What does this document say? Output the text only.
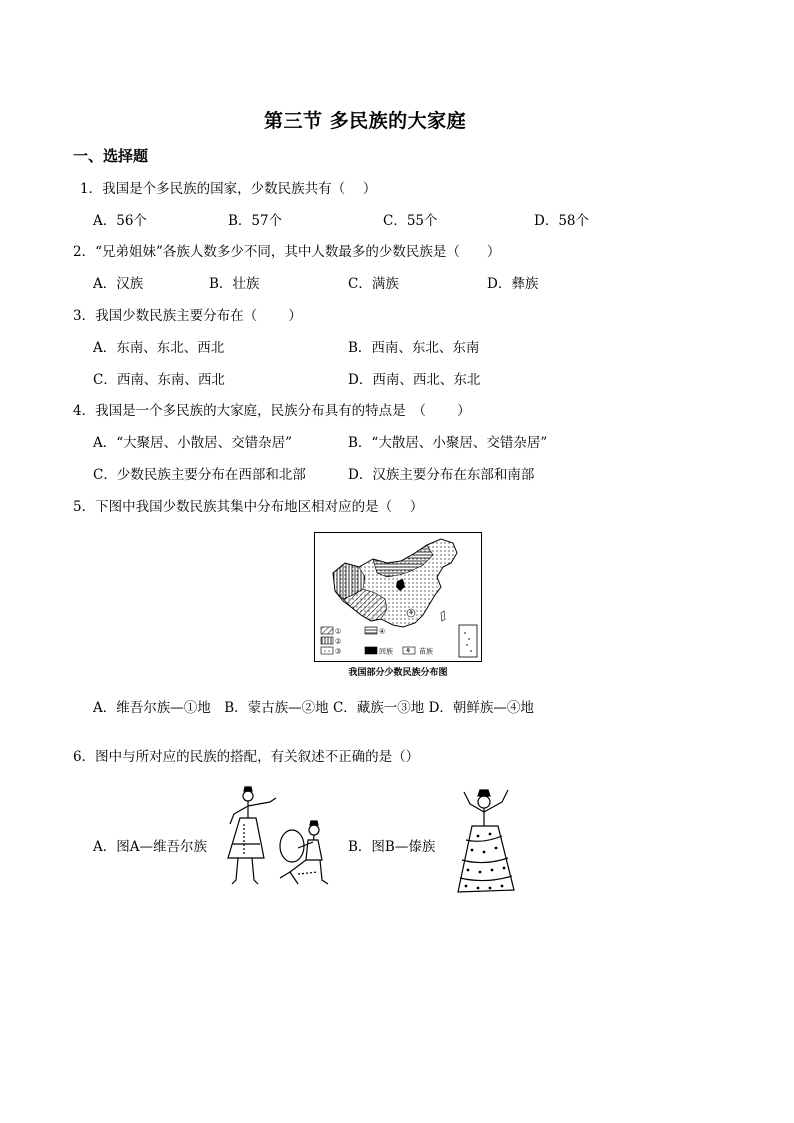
第三节 多民族的大家庭
一、选择题
1．我国是个多民族的国家，少数民族共有（　 ）
A．56个	B．57个	C．55个	D．58个
2．“兄弟姐妹”各族人数多少不同，其中人数最多的少数民族是（　　）
A．汉族	B．壮族	C．满族	D．彝族
3．我国少数民族主要分布在（　　 ）
A．东南、东北、西北	B．西南、东北、东南
C．西南、东南、西北	D．西南、西北、东北
4．我国是一个多民族的大家庭，民族分布具有的特点是　（　　 ）
A．“大聚居、小散居、交错杂居”	B．“大散居、小聚居、交错杂居”
C．少数民族主要分布在西部和北部	D．汉族主要分布在东部和南部
5．下图中我国少数民族其集中分布地区相对应的是（　 ）
⚘
①
②
③
④
回族 ⚘ 苗族
我国部分少数民族分布图
A．维吾尔族—①地　B．蒙古族—②地 C．藏族一③地 D．朝鲜族—④地
6．图中与所对应的民族的搭配，有关叙述不正确的是（）
A．图A—维吾尔族	B．图B—傣族
